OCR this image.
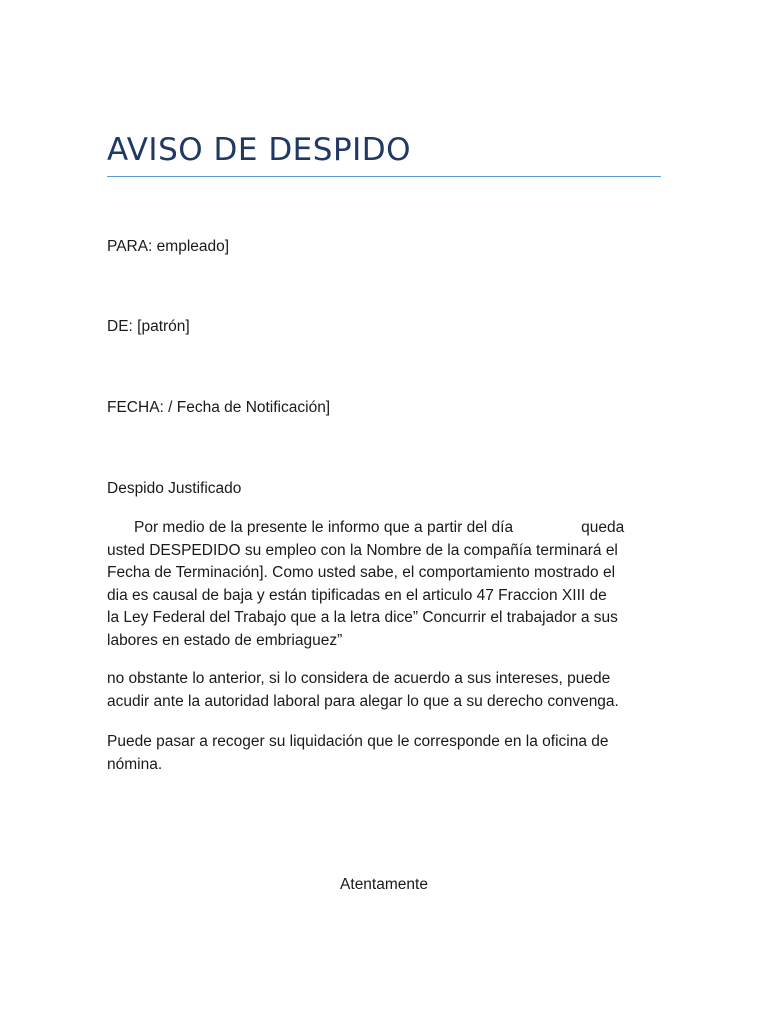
AVISO DE DESPIDO

PARA: empleado]

DE: [patrón]

FECHA: / Fecha de Notificación]

Despido Justificado

Por medio de la presente le informo que a partir del día	queda
usted DESPEDIDO su empleo con la Nombre de la compañía terminará el
Fecha de Terminación]. Como usted sabe, el comportamiento mostrado el
dia es causal de baja y están tipificadas en el articulo 47 Fraccion XIII de
la Ley Federal del Trabajo que a la letra dice” Concurrir el trabajador a sus
labores en estado de embriaguez”
no obstante lo anterior, si lo considera de acuerdo a sus intereses, puede
acudir ante la autoridad laboral para alegar lo que a su derecho convenga.
Puede pasar a recoger su liquidación que le corresponde en la oficina de
nómina.

Atentamente
